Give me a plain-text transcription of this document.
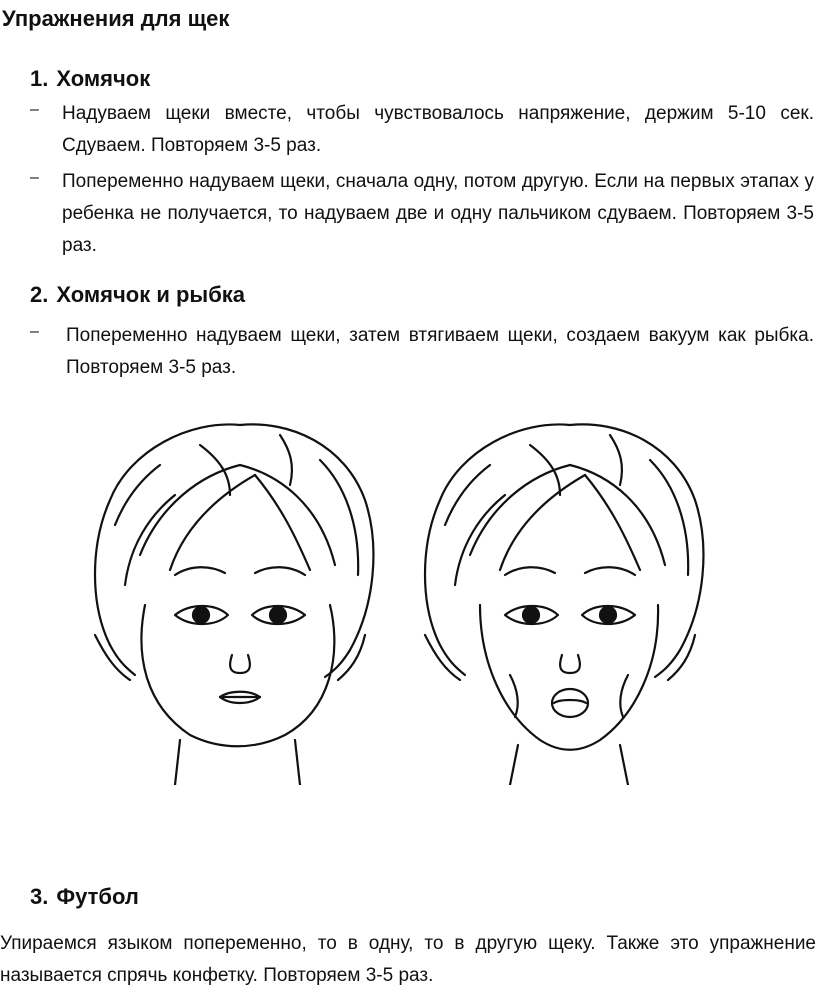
Упражнения для щек
1. Хомячок
– Надуваем щеки вместе, чтобы чувствовалось напряжение, держим 5-10 сек. Сдуваем. Повторяем 3-5 раз.
– Попеременно надуваем щеки, сначала одну, потом другую. Если на первых этапах у ребенка не получается, то надуваем две и одну пальчиком сдуваем. Повторяем 3-5 раз.
2. Хомячок и рыбка
– Попеременно надуваем щеки, затем втягиваем щеки, создаем вакуум как рыбка. Повторяем 3-5 раз.
3. Футбол

Упираемся языком попеременно, то в одну, то в другую щеку. Также это упражнение называется спрячь конфетку. Повторяем 3-5 раз.
